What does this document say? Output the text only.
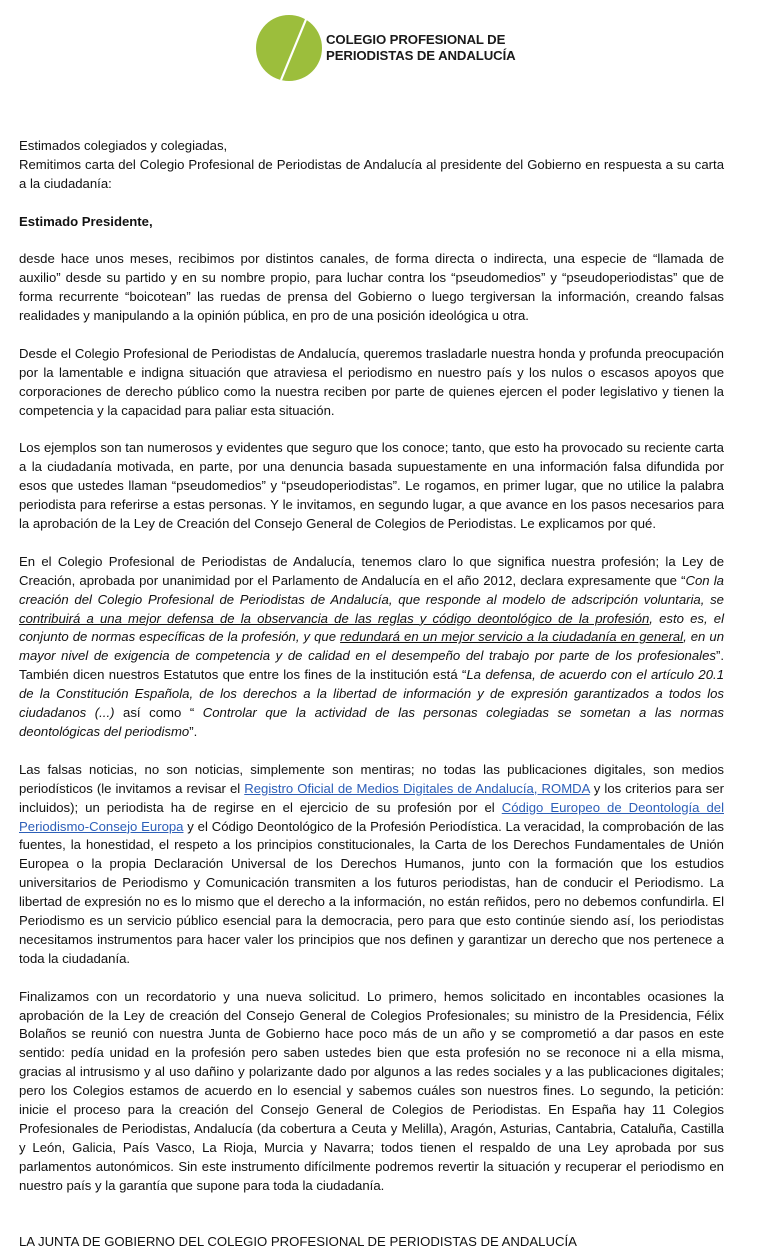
COLEGIO PROFESIONAL DE
PERIODISTAS DE ANDALUCÍA

Estimados colegiados y colegiadas,

Remitimos carta del Colegio Profesional de Periodistas de Andalucía al presidente del Gobierno en respuesta a su carta a la ciudadanía:

Estimado Presidente,

desde hace unos meses, recibimos por distintos canales, de forma directa o indirecta, una especie de “llamada de auxilio” desde su partido y en su nombre propio, para luchar contra los “pseudomedios” y “pseudoperiodistas” que de forma recurrente “boicotean” las ruedas de prensa del Gobierno o luego tergiversan la información, creando falsas realidades y manipulando a la opinión pública, en pro de una posición ideológica u otra.

Desde el Colegio Profesional de Periodistas de Andalucía, queremos trasladarle nuestra honda y profunda preocupación por la lamentable e indigna situación que atraviesa el periodismo en nuestro país y los nulos o escasos apoyos que corporaciones de derecho público como la nuestra reciben por parte de quienes ejercen el poder legislativo y tienen la competencia y la capacidad para paliar esta situación.

Los ejemplos son tan numerosos y evidentes que seguro que los conoce; tanto, que esto ha provocado su reciente carta a la ciudadanía motivada, en parte, por una denuncia basada supuestamente en una información falsa difundida por esos que ustedes llaman “pseudomedios” y “pseudoperiodistas”. Le rogamos, en primer lugar, que no utilice la palabra periodista para referirse a estas personas. Y le invitamos, en segundo lugar, a que avance en los pasos necesarios para la aprobación de la Ley de Creación del Consejo General de Colegios de Periodistas. Le explicamos por qué.

En el Colegio Profesional de Periodistas de Andalucía, tenemos claro lo que significa nuestra profesión; la Ley de Creación, aprobada por unanimidad por el Parlamento de Andalucía en el año 2012, declara expresamente que “Con la creación del Colegio Profesional de Periodistas de Andalucía, que responde al modelo de adscripción voluntaria, se contribuirá a una mejor defensa de la observancia de las reglas y código deontológico de la profesión, esto es, el conjunto de normas específicas de la profesión, y que redundará en un mejor servicio a la ciudadanía en general, en un mayor nivel de exigencia de competencia y de calidad en el desempeño del trabajo por parte de los profesionales”. También dicen nuestros Estatutos que entre los fines de la institución está “La defensa, de acuerdo con el artículo 20.1 de la Constitución Española, de los derechos a la libertad de información y de expresión garantizados a todos los ciudadanos (...) así como “ Controlar que la actividad de las personas colegiadas se sometan a las normas deontológicas del periodismo”.

Las falsas noticias, no son noticias, simplemente son mentiras; no todas las publicaciones digitales, son medios periodísticos (le invitamos a revisar el Registro Oficial de Medios Digitales de Andalucía, ROMDA y los criterios para ser incluidos); un periodista ha de regirse en el ejercicio de su profesión por el Código Europeo de Deontología del Periodismo-Consejo Europa y el Código Deontológico de la Profesión Periodística. La veracidad, la comprobación de las fuentes, la honestidad, el respeto a los principios constitucionales, la Carta de los Derechos Fundamentales de Unión Europea o la propia Declaración Universal de los Derechos Humanos, junto con la formación que los estudios universitarios de Periodismo y Comunicación transmiten a los futuros periodistas, han de conducir el Periodismo. La libertad de expresión no es lo mismo que el derecho a la información, no están reñidos, pero no debemos confundirla. El Periodismo es un servicio público esencial para la democracia, pero para que esto continúe siendo así, los periodistas necesitamos instrumentos para hacer valer los principios que nos definen y garantizar un derecho que nos pertenece a toda la ciudadanía.

Finalizamos con un recordatorio y una nueva solicitud. Lo primero, hemos solicitado en incontables ocasiones la aprobación de la Ley de creación del Consejo General de Colegios Profesionales; su ministro de la Presidencia, Félix Bolaños se reunió con nuestra Junta de Gobierno hace poco más de un año y se comprometió a dar pasos en este sentido: pedía unidad en la profesión pero saben ustedes bien que esta profesión no se reconoce ni a ella misma, gracias al intrusismo y al uso dañino y polarizante dado por algunos a las redes sociales y a las publicaciones digitales; pero los Colegios estamos de acuerdo en lo esencial y sabemos cuáles son nuestros fines. Lo segundo, la petición: inicie el proceso para la creación del Consejo General de Colegios de Periodistas. En España hay 11 Colegios Profesionales de Periodistas, Andalucía (da cobertura a Ceuta y Melilla), Aragón, Asturias, Cantabria, Cataluña, Castilla y León, Galicia, País Vasco, La Rioja, Murcia y Navarra; todos tienen el respaldo de una Ley aprobada por sus parlamentos autonómicos. Sin este instrumento difícilmente podremos revertir la situación y recuperar el periodismo en nuestro país y la garantía que supone para toda la ciudadanía.

LA JUNTA DE GOBIERNO DEL COLEGIO PROFESIONAL DE PERIODISTAS DE ANDALUCÍA
